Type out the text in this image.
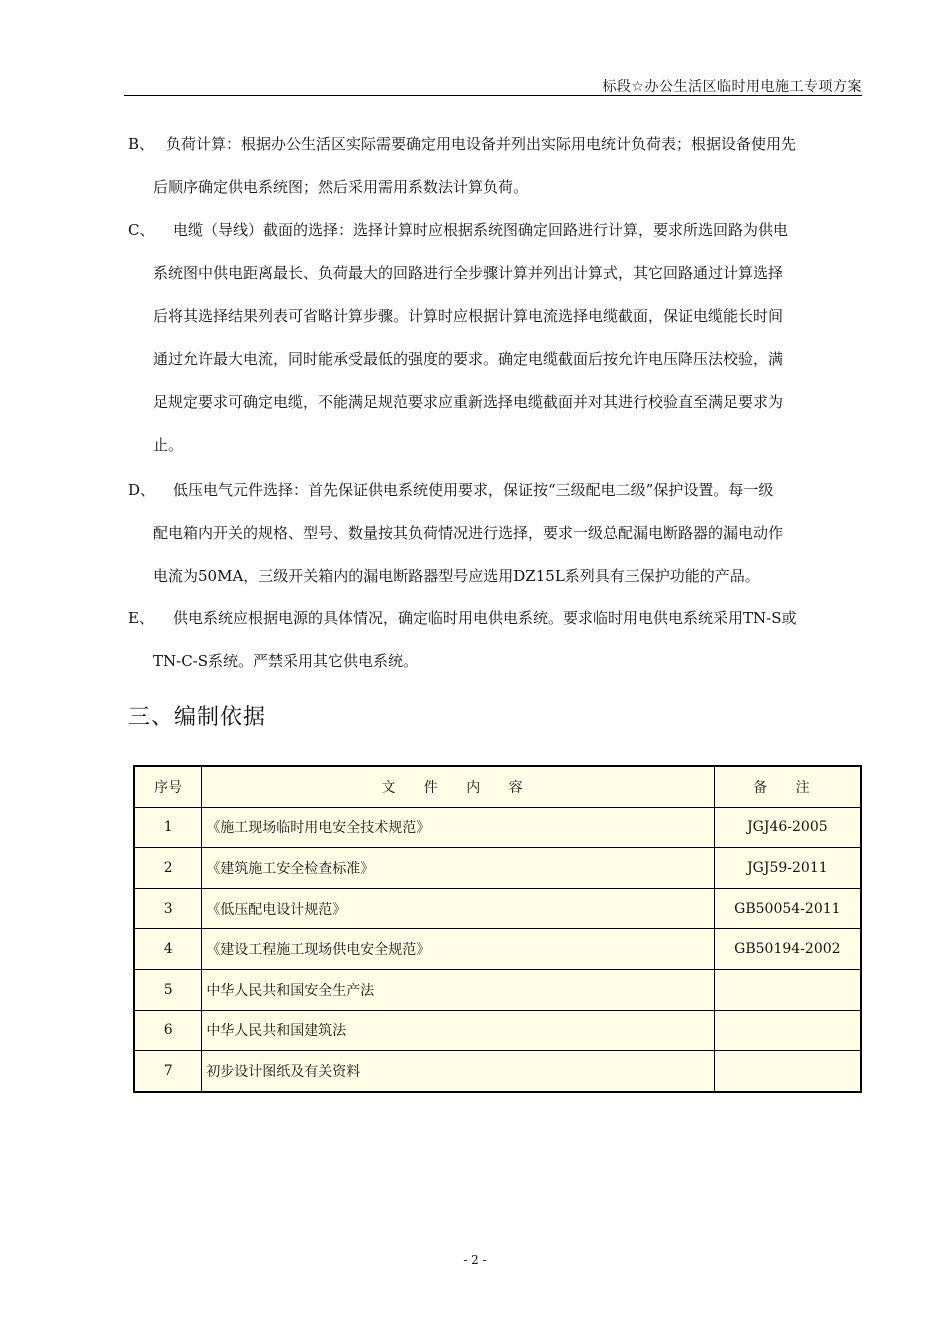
标段☆办公生活区临时用电施工专项方案
B、 负荷计算：根据办公生活区实际需要确定用电设备并列出实际用电统计负荷表；根据设备使用先
后顺序确定供电系统图；然后采用需用系数法计算负荷。
C、 电缆（导线）截面的选择：选择计算时应根据系统图确定回路进行计算，要求所选回路为供电
系统图中供电距离最长、负荷最大的回路进行全步骤计算并列出计算式，其它回路通过计算选择
后将其选择结果列表可省略计算步骤。计算时应根据计算电流选择电缆截面，保证电缆能长时间
通过允许最大电流，同时能承受最低的强度的要求。确定电缆截面后按允许电压降压法校验，满
足规定要求可确定电缆，不能满足规范要求应重新选择电缆截面并对其进行校验直至满足要求为
止。
D、 低压电气元件选择：首先保证供电系统使用要求，保证按“三级配电二级”保护设置。每一级
配电箱内开关的规格、型号、数量按其负荷情况进行选择，要求一级总配漏电断路器的漏电动作
电流为50MA，三级开关箱内的漏电断路器型号应选用DZ15L系列具有三保护功能的产品。
E、 供电系统应根据电源的具体情况，确定临时用电供电系统。要求临时用电供电系统采用TN-S或
TN-C-S系统。严禁采用其它供电系统。
三、编制依据
序号	文 件 内 容	备 注
1	《施工现场临时用电安全技术规范》	JGJ46-2005
2	《建筑施工安全检查标准》	JGJ59-2011
3	《低压配电设计规范》	GB50054-2011
4	《建设工程施工现场供电安全规范》	GB50194-2002
5	中华人民共和国安全生产法	
6	中华人民共和国建筑法	
7	初步设计图纸及有关资料	
- 2 -
